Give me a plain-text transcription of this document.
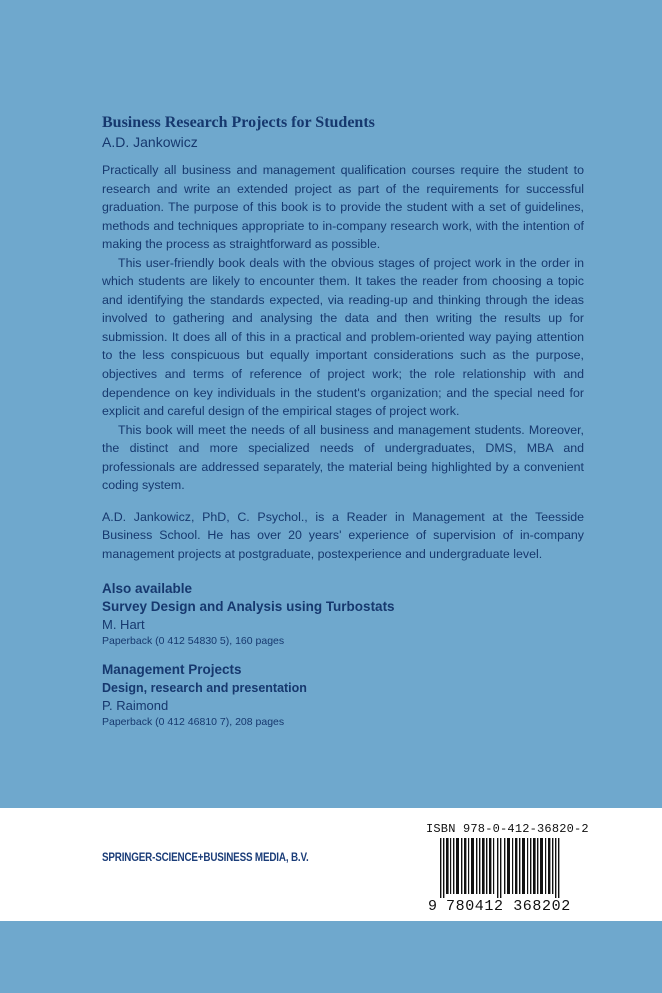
Business Research Projects for Students
A.D. Jankowicz

Practically all business and management qualification courses require the student to research and write an extended project as part of the requirements for successful graduation. The purpose of this book is to provide the student with a set of guidelines, methods and techniques appropriate to in-company research work, with the intention of making the process as straightforward as possible.

This user-friendly book deals with the obvious stages of project work in the order in which students are likely to encounter them. It takes the reader from choosing a topic and identifying the standards expected, via reading-up and thinking through the ideas involved to gathering and analysing the data and then writing the results up for submission. It does all of this in a practical and problem-oriented way paying attention to the less conspicuous but equally important considerations such as the purpose, objectives and terms of reference of project work; the role relationship with and dependence on key individuals in the student's organization; and the special need for explicit and careful design of the empirical stages of project work.

This book will meet the needs of all business and management students. Moreover, the distinct and more specialized needs of undergraduates, DMS, MBA and professionals are addressed separately, the material being highlighted by a convenient coding system.

A.D. Jankowicz, PhD, C. Psychol., is a Reader in Management at the Teesside Business School. He has over 20 years' experience of supervision of in-company management projects at postgraduate, postexperience and undergraduate level.

Also available
Survey Design and Analysis using Turbostats
M. Hart
Paperback (0 412 54830 5), 160 pages
Management Projects
Design, research and presentation
P. Raimond
Paperback (0 412 46810 7), 208 pages
SPRINGER-SCIENCE+BUSINESS MEDIA, B.V.
ISBN 978-0-412-36820-2
9 780412 368202
